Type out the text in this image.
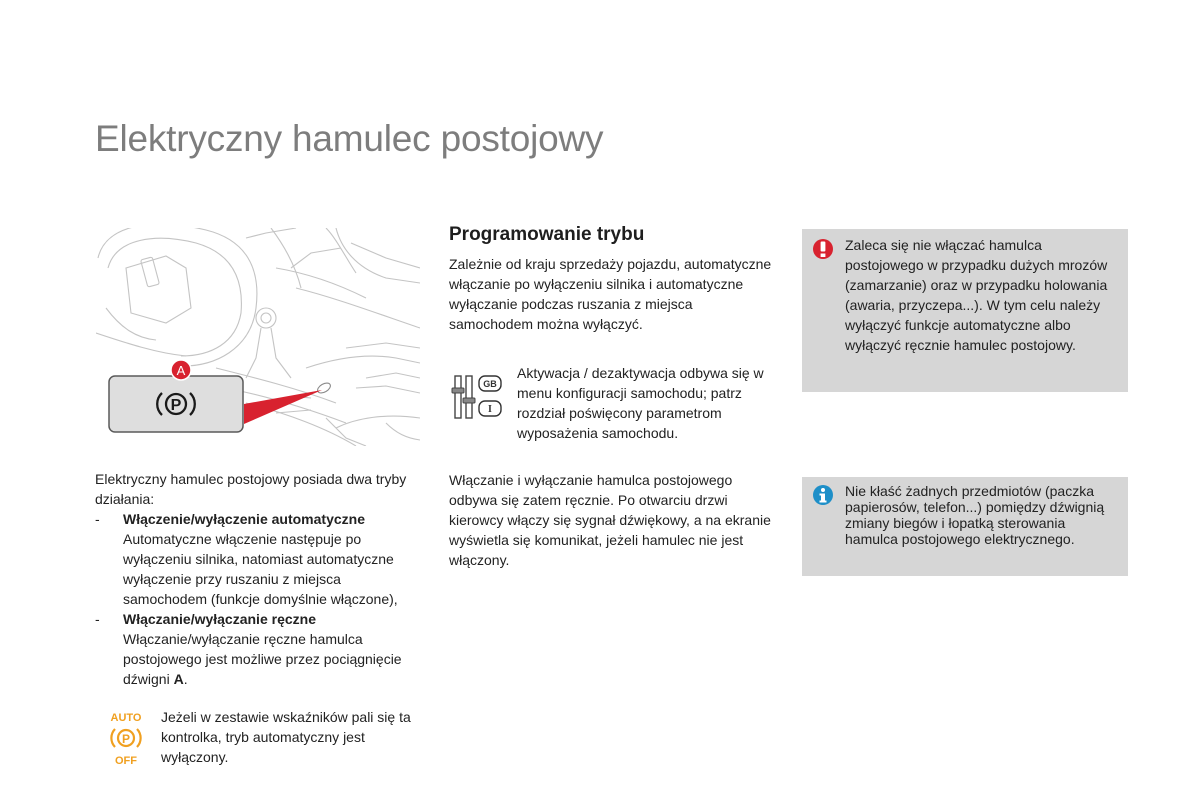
Elektryczny hamulec postojowy
P
A
Elektryczny hamulec postojowy posiada dwa tryby działania:
- Włączenie/wyłączenie automatyczne
Automatyczne włączenie następuje po wyłączeniu silnika, natomiast automatyczne wyłączenie przy ruszaniu z miejsca samochodem (funkcje domyślnie włączone),
- Włączanie/wyłączanie ręczne
Włączanie/wyłączanie ręczne hamulca postojowego jest możliwe przez pociągnięcie dźwigni A.
AUTO
P
OFF
Jeżeli w zestawie wskaźników pali się ta kontrolka, tryb automatyczny jest wyłączony.
Programowanie trybu
Zależnie od kraju sprzedaży pojazdu, automatyczne włączanie po wyłączeniu silnika i automatyczne wyłączanie podczas ruszania z miejsca samochodem można wyłączyć.
GB
I
Aktywacja / dezaktywacja odbywa się w menu konfiguracji samochodu; patrz rozdział poświęcony parametrom wyposażenia samochodu.
Włączanie i wyłączanie hamulca postojowego odbywa się zatem ręcznie. Po otwarciu drzwi kierowcy włączy się sygnał dźwiękowy, a na ekranie wyświetla się komunikat, jeżeli hamulec nie jest włączony.
Zaleca się nie włączać hamulca postojowego w przypadku dużych mrozów (zamarzanie) oraz w przypadku holowania (awaria, przyczepa...). W tym celu należy wyłączyć funkcje automatyczne albo wyłączyć ręcznie hamulec postojowy.
Nie kłaść żadnych przedmiotów (paczka papierosów, telefon...) pomiędzy dźwignią zmiany biegów i łopatką sterowania hamulca postojowego elektrycznego.
